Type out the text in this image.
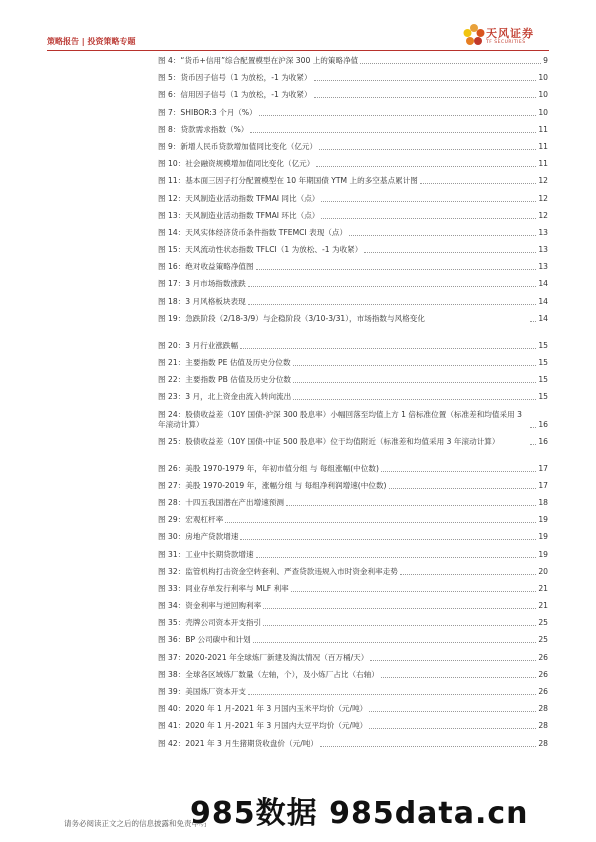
策略报告 | 投资策略专题
天风证券
TF SECURITIES
图 4：“货币+信用”综合配置模型在沪深 300 上的策略净值	9
图 5：货币因子信号（1 为放松，-1 为收紧）	10
图 6：信用因子信号（1 为放松，-1 为收紧）	10
图 7：SHIBOR:3 个月（%）	10
图 8：贷款需求指数（%）	11
图 9：新增人民币贷款增加值同比变化（亿元）	11
图 10：社会融资规模增加值同比变化（亿元）	11
图 11：基本面三因子打分配置模型在 10 年期国债 YTM 上的多空基点累计图	12
图 12：天风制造业活动指数 TFMAI 同比（点）	12
图 13：天风制造业活动指数 TFMAI 环比（点）	12
图 14：天风实体经济货币条件指数 TFEMCI 表现（点）	13
图 15：天风流动性状态指数 TFLCI（1 为放松、-1 为收紧）	13
图 16：绝对收益策略净值图	13
图 17：3 月市场指数涨跌	14
图 18：3 月风格板块表现	14
图 19：急跌阶段（2/18-3/9）与企稳阶段（3/10-3/31），市场指数与风格变化	14
图 20：3 月行业涨跌幅	15
图 21：主要指数 PE 估值及历史分位数	15
图 22：主要指数 PB 估值及历史分位数	15
图 23：3 月，北上资金由流入转向流出	15
图 24：股债收益差（10Y 国债-沪深 300 股息率）小幅回落至均值上方 1 倍标准位置（标准差和均值采用 3 年滚动计算）	16
图 25：股债收益差（10Y 国债-中证 500 股息率）位于均值附近（标准差和均值采用 3 年滚动计算）	16
图 26：美股 1970-1979 年，年初市值分组 与 每组涨幅(中位数)	17
图 27：美股 1970-2019 年，涨幅分组 与 每组净利润增速(中位数)	17
图 28：十四五我国潜在产出增速预测	18
图 29：宏观杠杆率	19
图 30：房地产贷款增速	19
图 31：工业中长期贷款增速	19
图 32：监管机构打击资金空转套利、严查贷款违规入市时资金利率走势	20
图 33：同业存单发行利率与 MLF 利率	21
图 34：资金利率与逆回购利率	21
图 35：壳牌公司资本开支指引	25
图 36：BP 公司碳中和计划	25
图 37：2020-2021 年全球炼厂新建及淘汰情况（百万桶/天）	26
图 38：全球各区域炼厂数量（左轴，个），及小炼厂占比（右轴）	26
图 39：美国炼厂资本开支	26
图 40：2020 年 1 月-2021 年 3 月国内玉米平均价（元/吨）	28
图 41：2020 年 1 月-2021 年 3 月国内大豆平均价（元/吨）	28
图 42：2021 年 3 月生猪期货收盘价（元/吨）	28
请务必阅读正文之后的信息披露和免责申明
985数据 985data.cn
